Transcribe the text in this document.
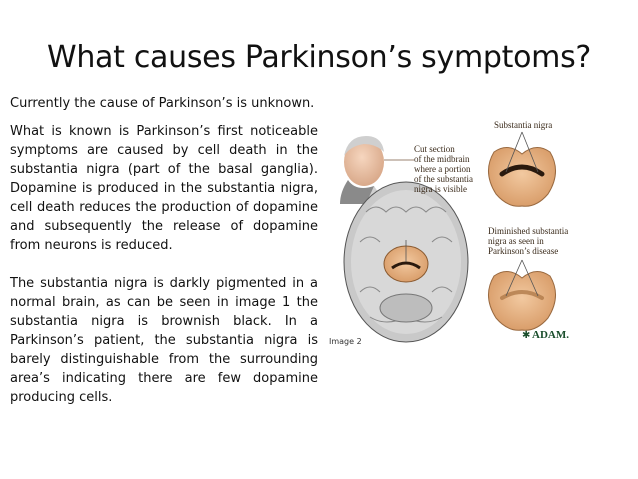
What causes Parkinson’s symptoms?
Currently the cause of Parkinson’s is unknown.

What is known is Parkinson’s first noticeable symptoms are caused by cell death in the substantia nigra (part of the basal ganglia). Dopamine is produced in the substantia nigra, cell death reduces the production of dopamine and subsequently the release of dopamine from neurons is reduced.

The substantia nigra is darkly pigmented in a normal brain, as can be seen in image 1 the substantia nigra is brownish black. In a Parkinson’s patient, the substantia nigra is barely distinguishable from the surrounding area’s indicating there are few dopamine producing cells.

Cut section of the midbrain where a portion of the substantia nigra is visible
Substantia nigra
Diminished substantia nigra as seen in Parkinson’s disease
ADAM.
✱
Image 2
